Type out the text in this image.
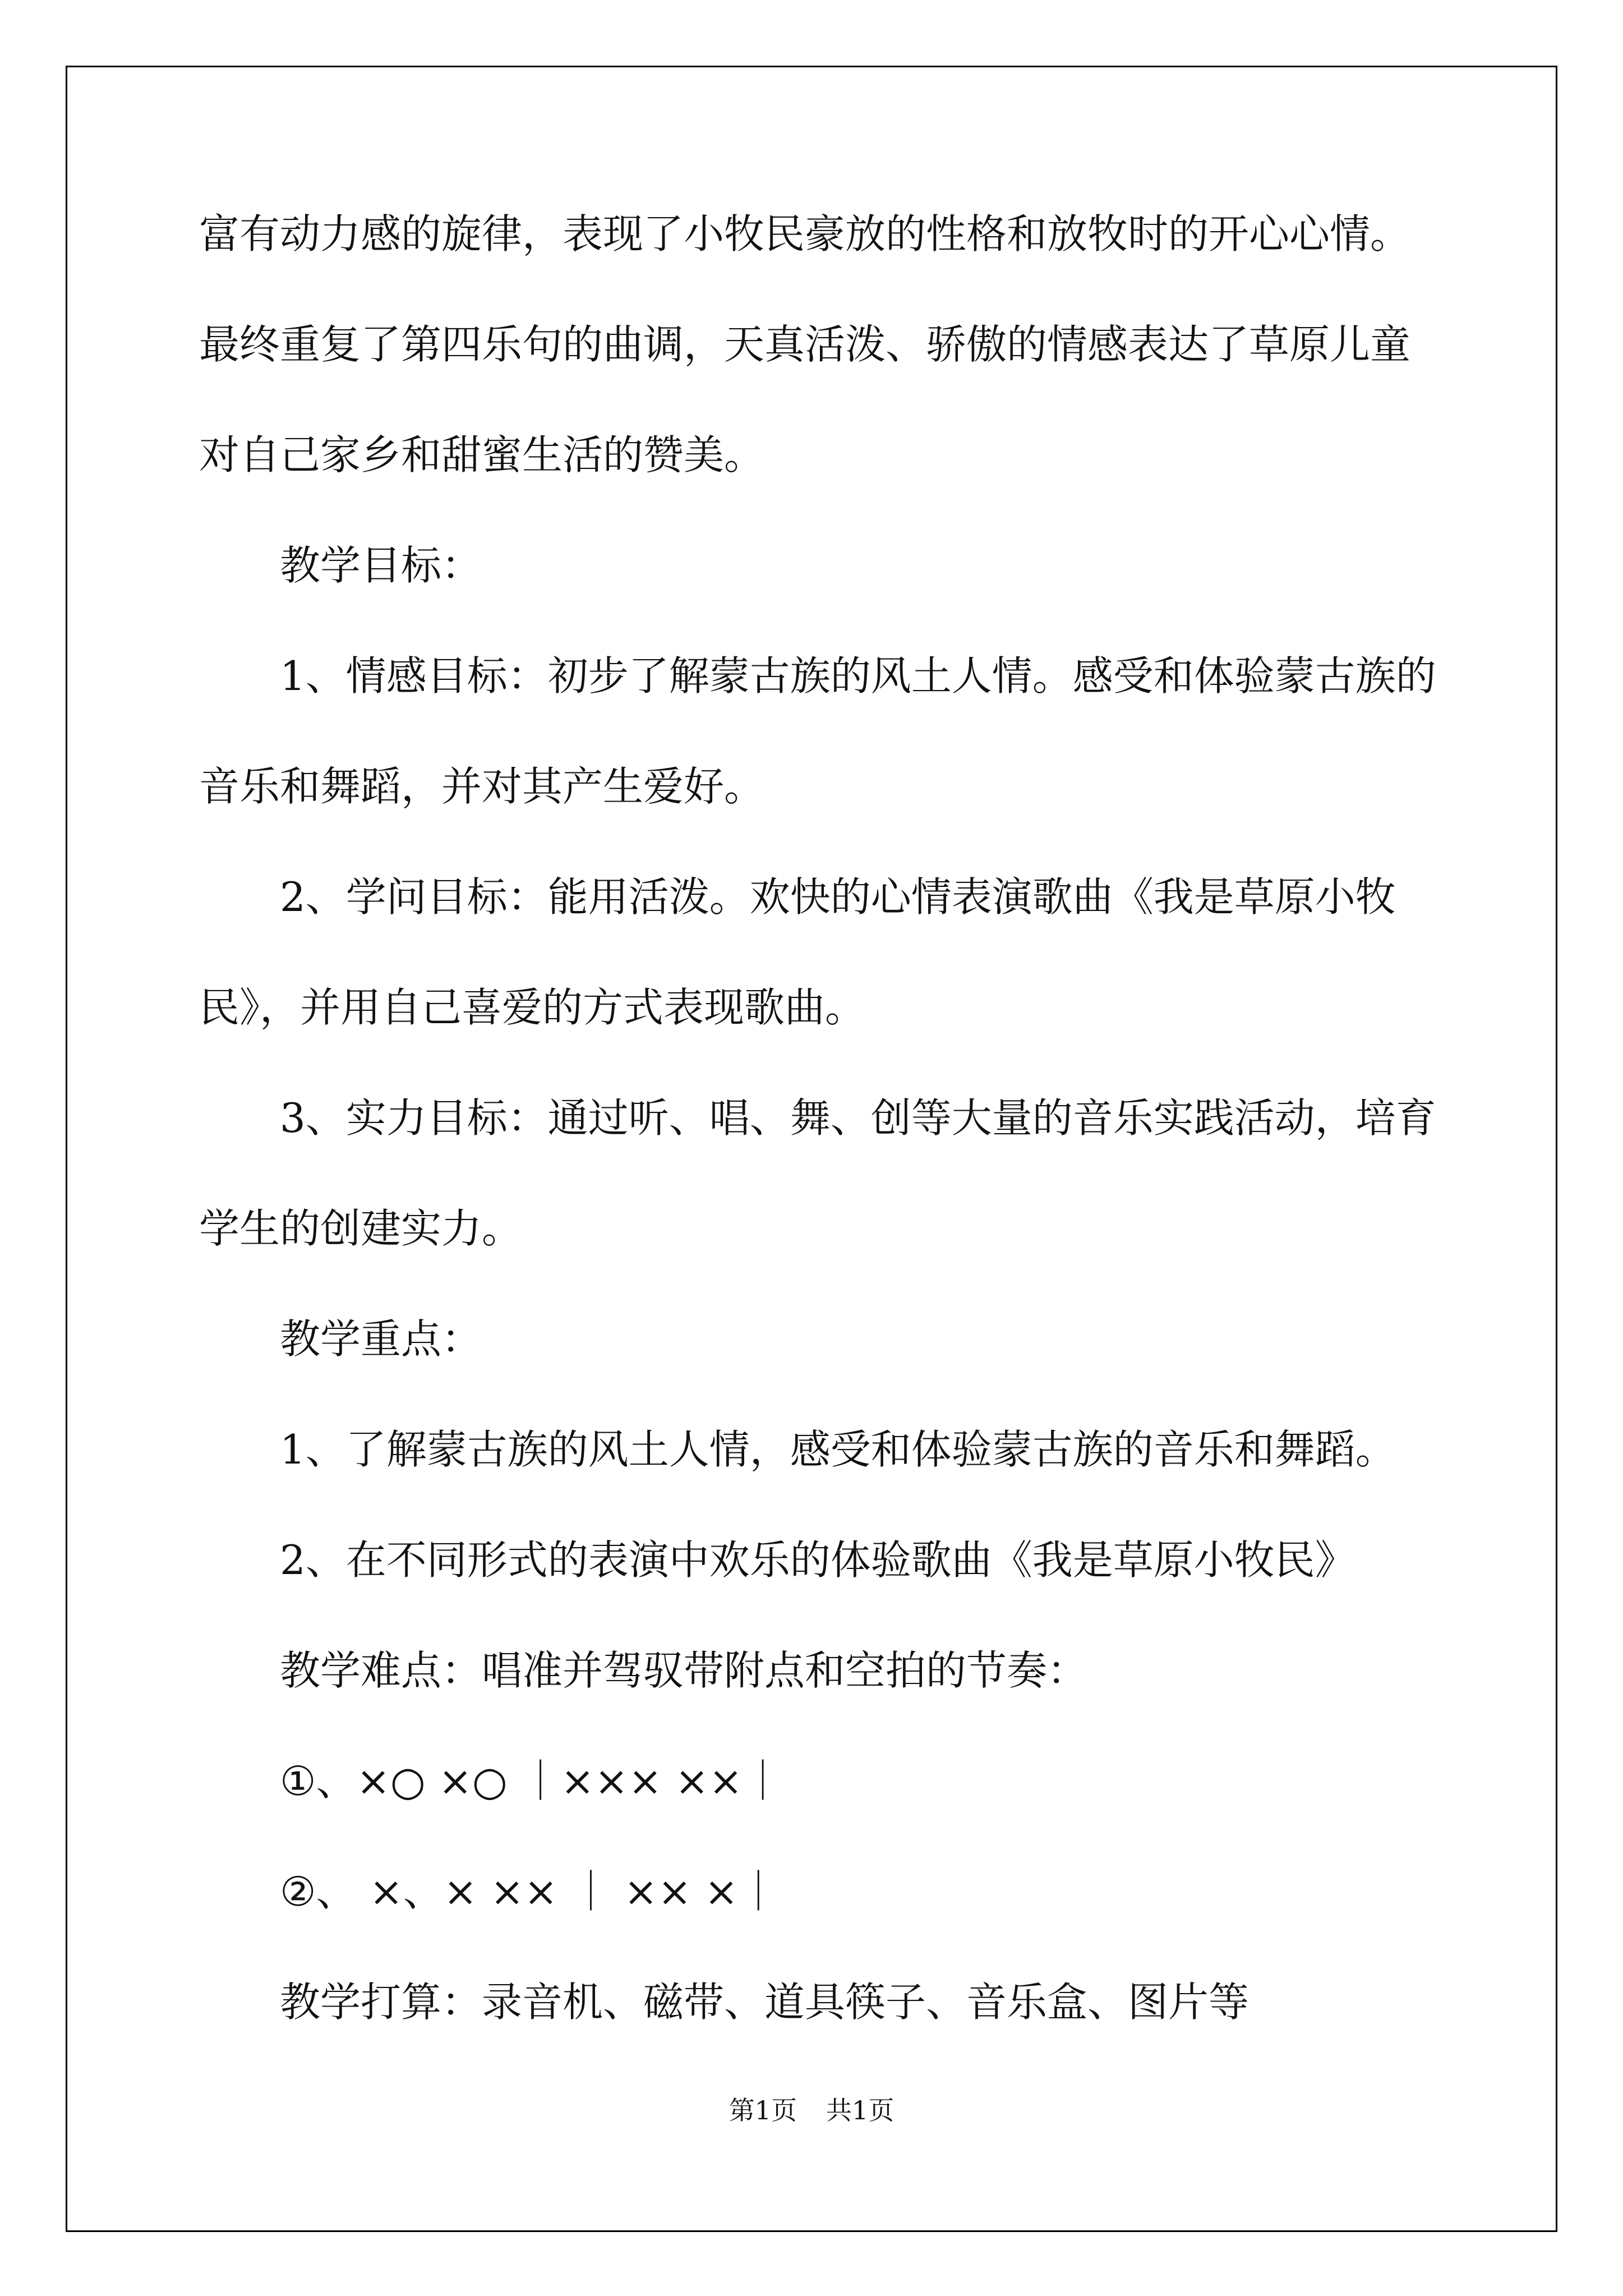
富有动力感的旋律，表现了小牧民豪放的性格和放牧时的开心心情。
最终重复了第四乐句的曲调，天真活泼、骄傲的情感表达了草原儿童
对自己家乡和甜蜜生活的赞美。
教学目标：
1、情感目标：初步了解蒙古族的风土人情。感受和体验蒙古族的
音乐和舞蹈，并对其产生爱好。
2、学问目标：能用活泼。欢快的心情表演歌曲《我是草原小牧
民》，并用自己喜爱的方式表现歌曲。
3、实力目标：通过听、唱、舞、创等大量的音乐实践活动，培育
学生的创建实力。
教学重点：
1、了解蒙古族的风土人情，感受和体验蒙古族的音乐和舞蹈。
2、在不同形式的表演中欢乐的体验歌曲《我是草原小牧民》
教学难点：唱准并驾驭带附点和空拍的节奏：
①、×○ ×○ ｜××× ××｜
②、 ×、× ×× ｜ ×× ×｜
教学打算：录音机、磁带、道具筷子、音乐盒、图片等
第1页 共1页
